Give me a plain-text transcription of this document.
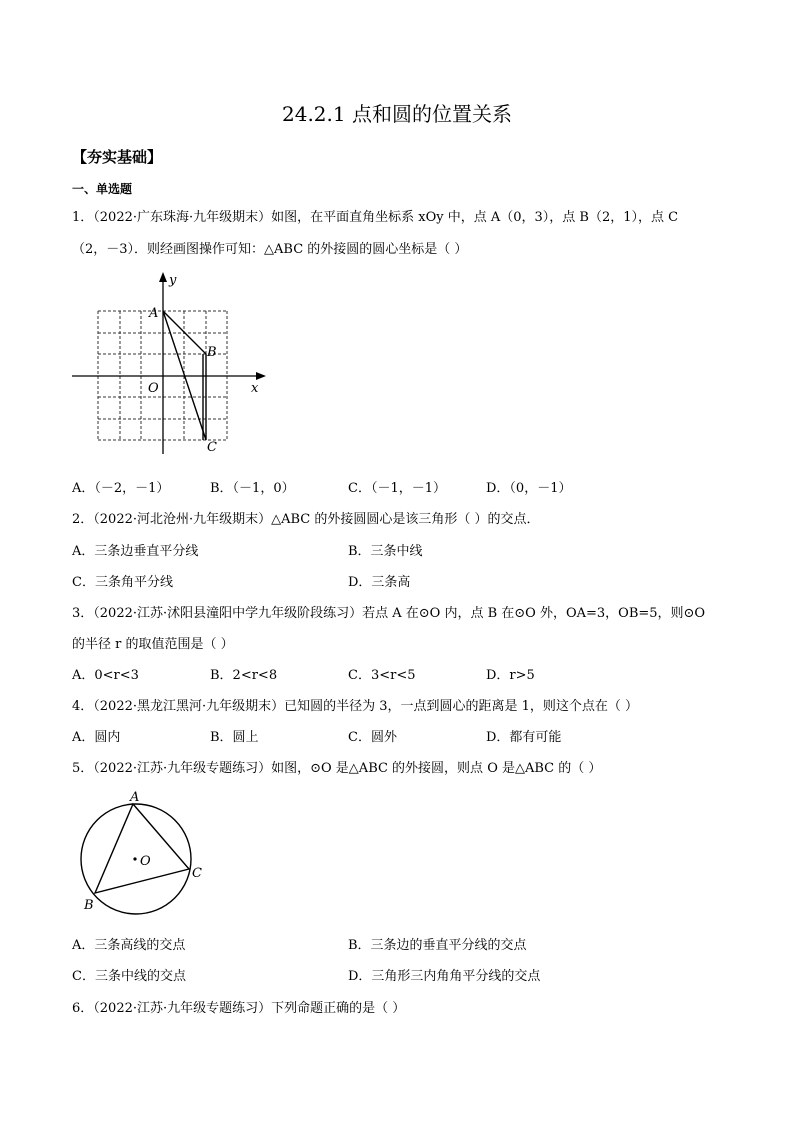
24.2.1 点和圆的位置关系
【夯实基础】
一、单选题
1．（2022·广东珠海·九年级期末）如图，在平面直角坐标系 xOy 中，点 A（0，3），点 B（2，1），点 C
（2，－3）．则经画图操作可知：△ABC 的外接圆的圆心坐标是（ ）
y
x
O
A
B
C
A．（－2，－1）	B．（－1，0）	C．（－1，－1）	D．（0，－1）
2．（2022·河北沧州·九年级期末）△ABC 的外接圆圆心是该三角形（ ）的交点．
A．三条边垂直平分线	B．三条中线
C．三条角平分线	D．三条高
3．（2022·江苏·沭阳县潼阳中学九年级阶段练习）若点 A 在⊙O 内，点 B 在⊙O 外，OA=3，OB=5，则⊙O
的半径 r 的取值范围是（ ）
A．0<r<3	B．2<r<8	C．3<r<5	D．r>5
4．（2022·黑龙江黑河·九年级期末）已知圆的半径为 3，一点到圆心的距离是 1，则这个点在（ ）
A．圆内	B．圆上	C．圆外	D．都有可能
5．（2022·江苏·九年级专题练习）如图，⊙O 是△ABC 的外接圆，则点 O 是△ABC 的（ ）
A
B
C
O
A．三条高线的交点	B．三条边的垂直平分线的交点
C．三条中线的交点	D．三角形三内角角平分线的交点
6．（2022·江苏·九年级专题练习）下列命题正确的是（ ）
